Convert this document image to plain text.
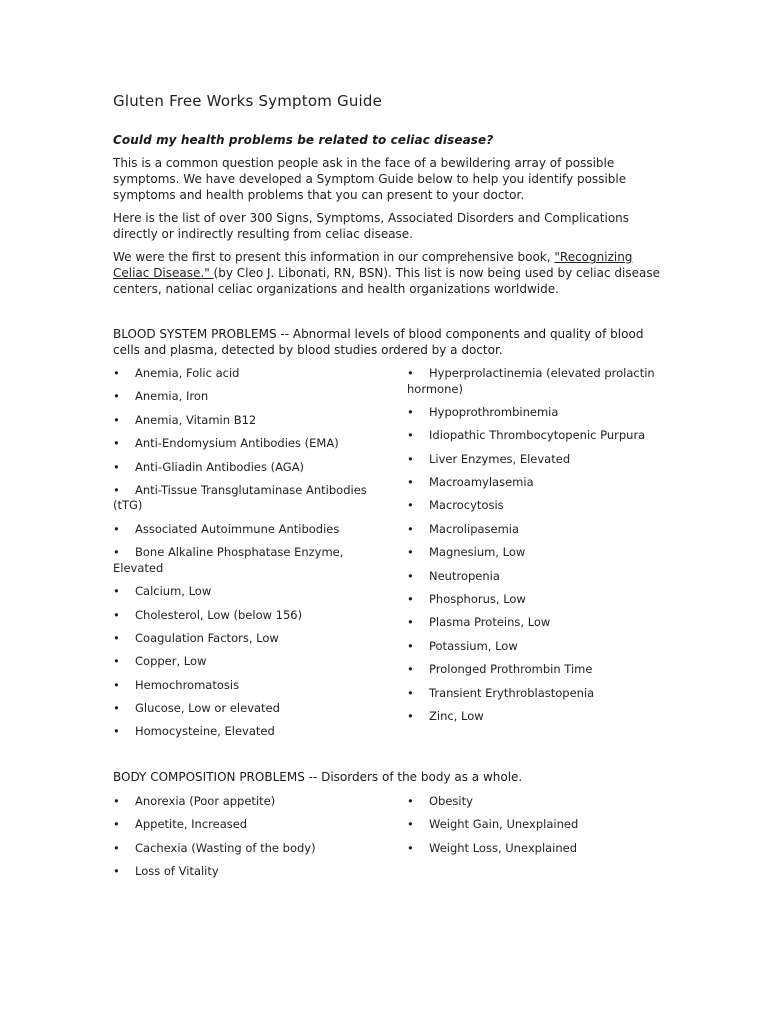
Gluten Free Works Symptom Guide
Could my health problems be related to celiac disease?

This is a common question people ask in the face of a bewildering array of possible symptoms. We have developed a Symptom Guide below to help you identify possible symptoms and health problems that you can present to your doctor.

Here is the list of over 300 Signs, Symptoms, Associated Disorders and Complications directly or indirectly resulting from celiac disease.

We were the first to present this information in our comprehensive book, "Recognizing Celiac Disease." (by Cleo J. Libonati, RN, BSN). This list is now being used by celiac disease centers, national celiac organizations and health organizations worldwide.

BLOOD SYSTEM PROBLEMS -- Abnormal levels of blood components and quality of blood cells and plasma, detected by blood studies ordered by a doctor.

• Anemia, Folic acid
• Anemia, Iron
• Anemia, Vitamin B12
• Anti-Endomysium Antibodies (EMA)
• Anti-Gliadin Antibodies (AGA)
• Anti-Tissue Transglutaminase Antibodies (tTG)
• Associated Autoimmune Antibodies
• Bone Alkaline Phosphatase Enzyme, Elevated
• Calcium, Low
• Cholesterol, Low (below 156)
• Coagulation Factors, Low
• Copper, Low
• Hemochromatosis
• Glucose, Low or elevated
• Homocysteine, Elevated
• Hyperprolactinemia (elevated prolactin hormone)
• Hypoprothrombinemia
• Idiopathic Thrombocytopenic Purpura
• Liver Enzymes, Elevated
• Macroamylasemia
• Macrocytosis
• Macrolipasemia
• Magnesium, Low
• Neutropenia
• Phosphorus, Low
• Plasma Proteins, Low
• Potassium, Low
• Prolonged Prothrombin Time
• Transient Erythroblastopenia
• Zinc, Low

BODY COMPOSITION PROBLEMS -- Disorders of the body as a whole.

• Anorexia (Poor appetite)
• Appetite, Increased
• Cachexia (Wasting of the body)
• Loss of Vitality
• Obesity
• Weight Gain, Unexplained
• Weight Loss, Unexplained
